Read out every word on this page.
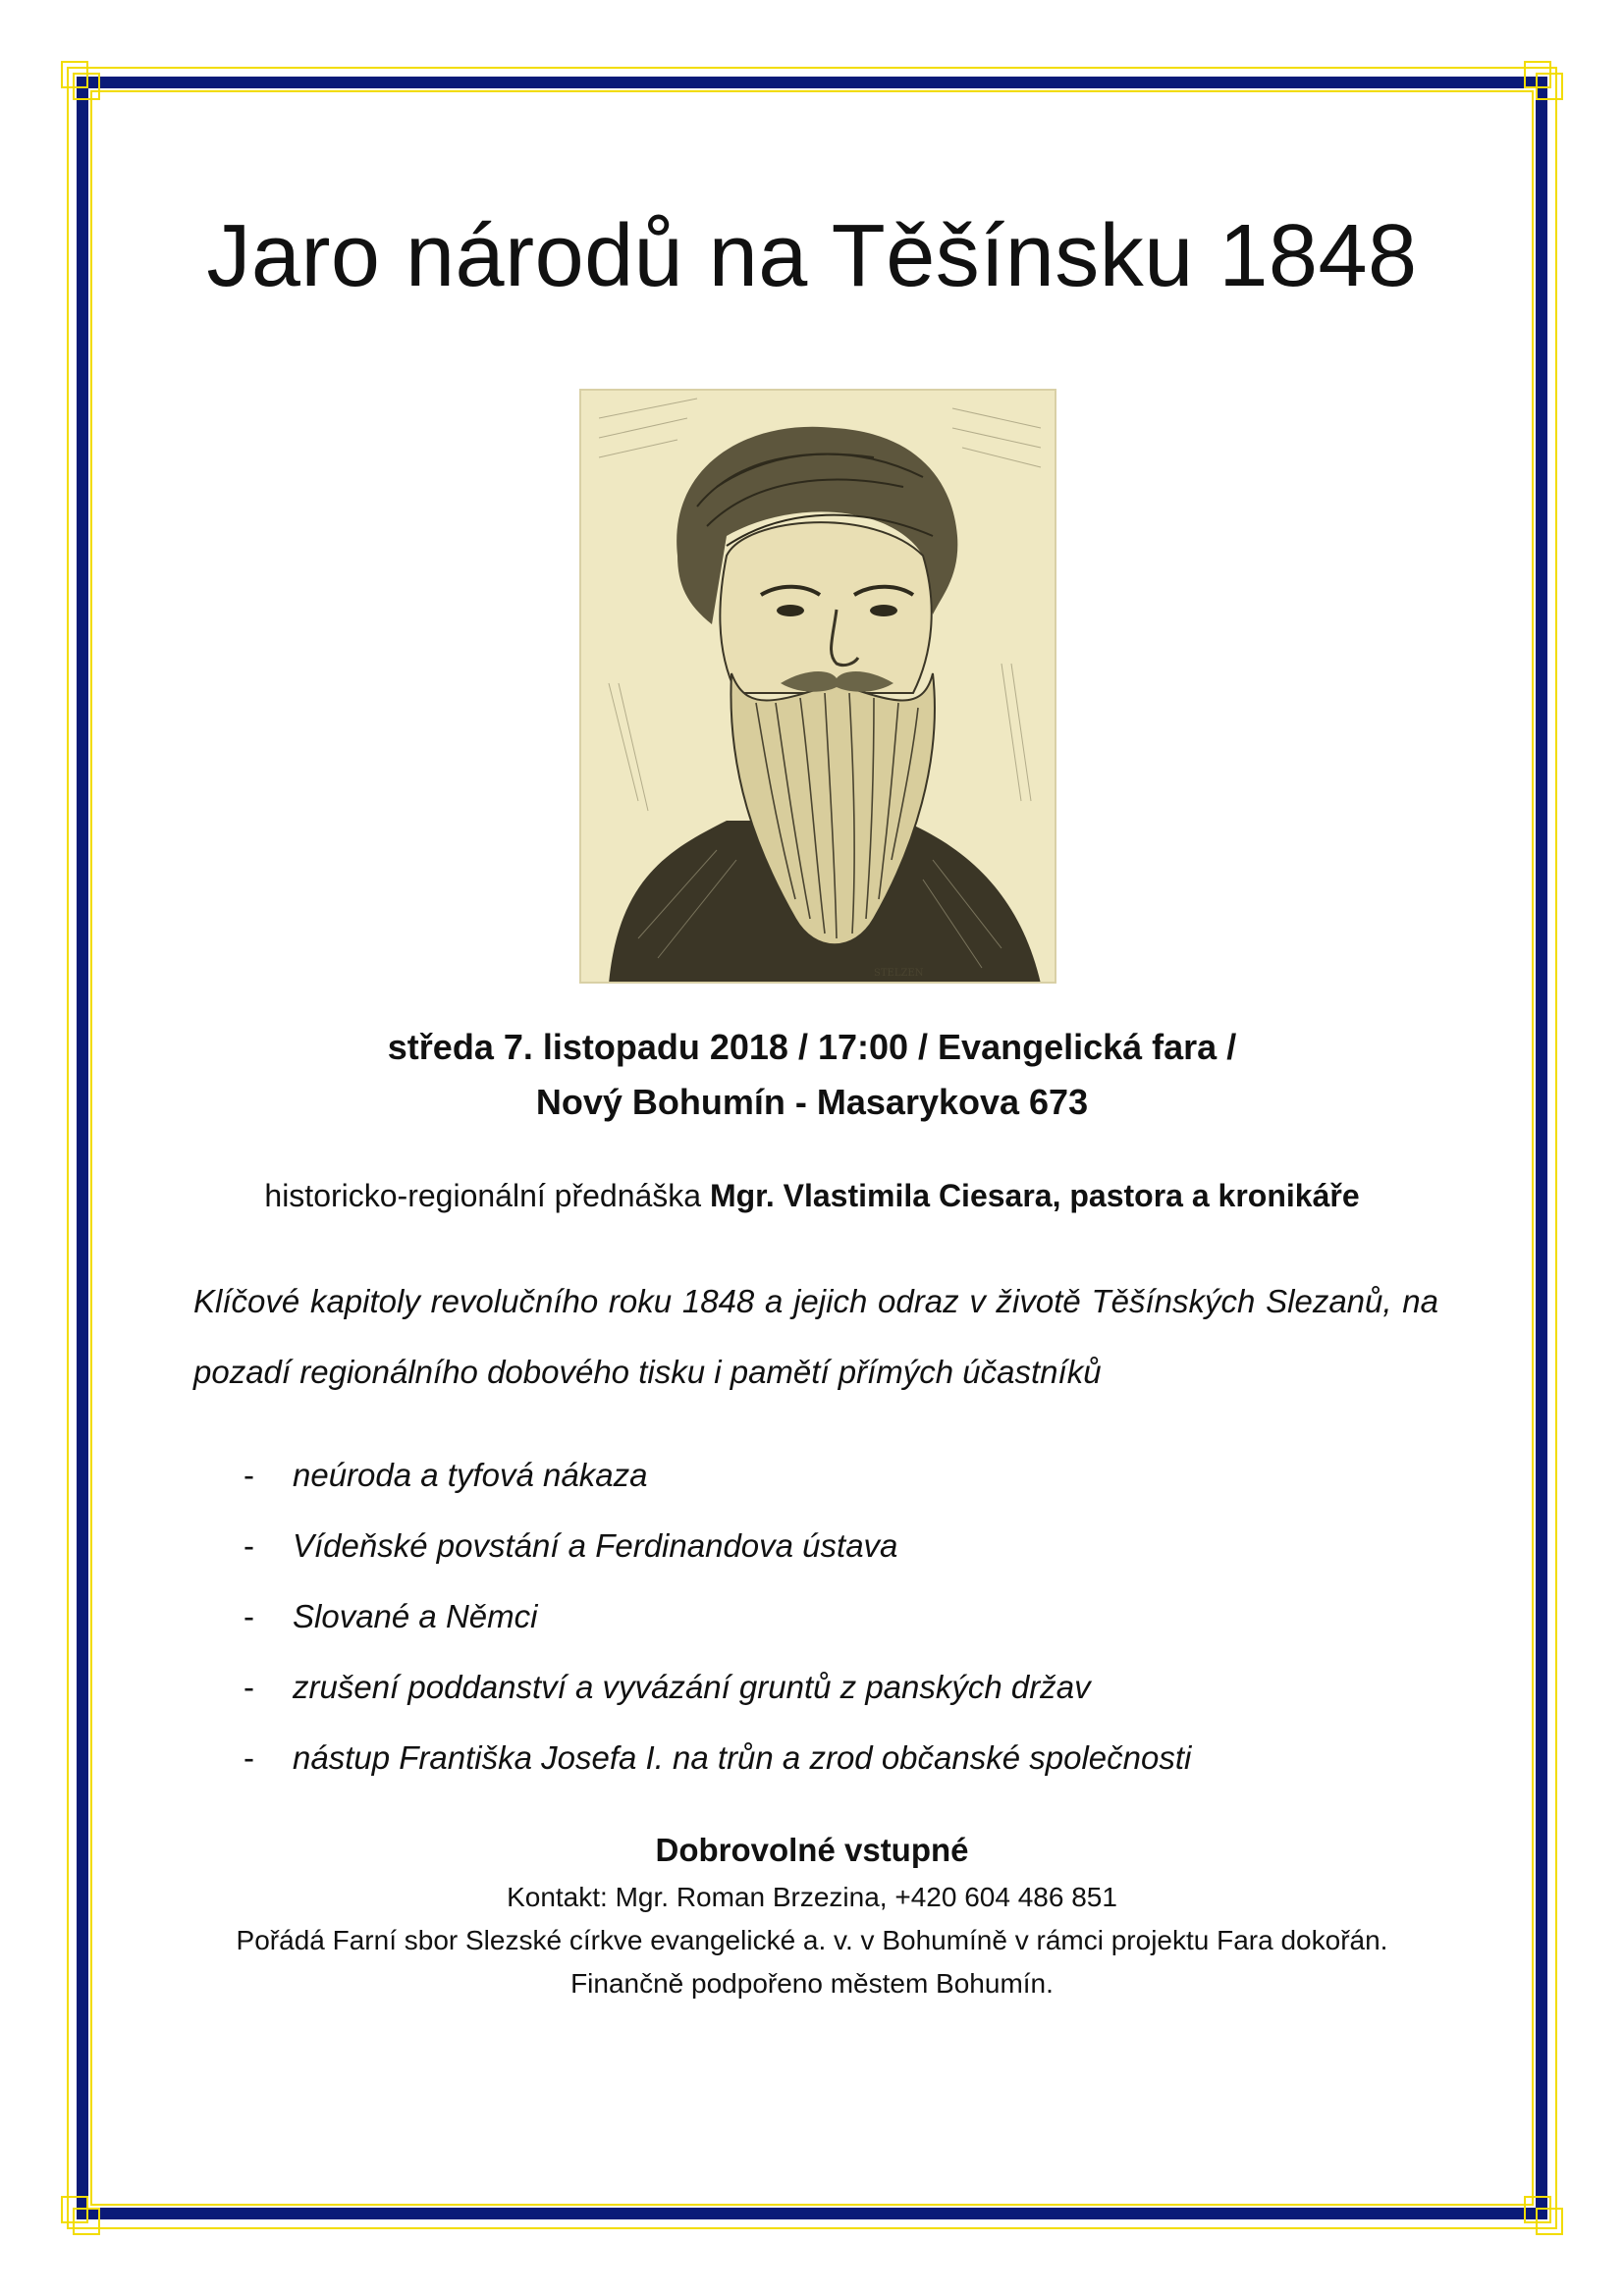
Jaro národů na Těšínsku 1848
STELZEN
středa 7. listopadu 2018 / 17:00 / Evangelická fara /
Nový Bohumín - Masarykova 673
historicko-regionální přednáška Mgr. Vlastimila Ciesara, pastora a kronikáře
Klíčové kapitoly revolučního roku 1848 a jejich odraz v životě Těšínských Slezanů, na pozadí regionálního dobového tisku i pamětí přímých účastníků
-	neúroda a tyfová nákaza
-	Vídeňské povstání a Ferdinandova ústava
-	Slované a Němci
-	zrušení poddanství a vyvázání gruntů z panských držav
-	nástup Františka Josefa I. na trůn a zrod občanské společnosti
Dobrovolné vstupné
Kontakt: Mgr. Roman Brzezina, +420 604 486 851
Pořádá Farní sbor Slezské církve evangelické a. v. v Bohumíně v rámci projektu Fara dokořán.
Finančně podpořeno městem Bohumín.
